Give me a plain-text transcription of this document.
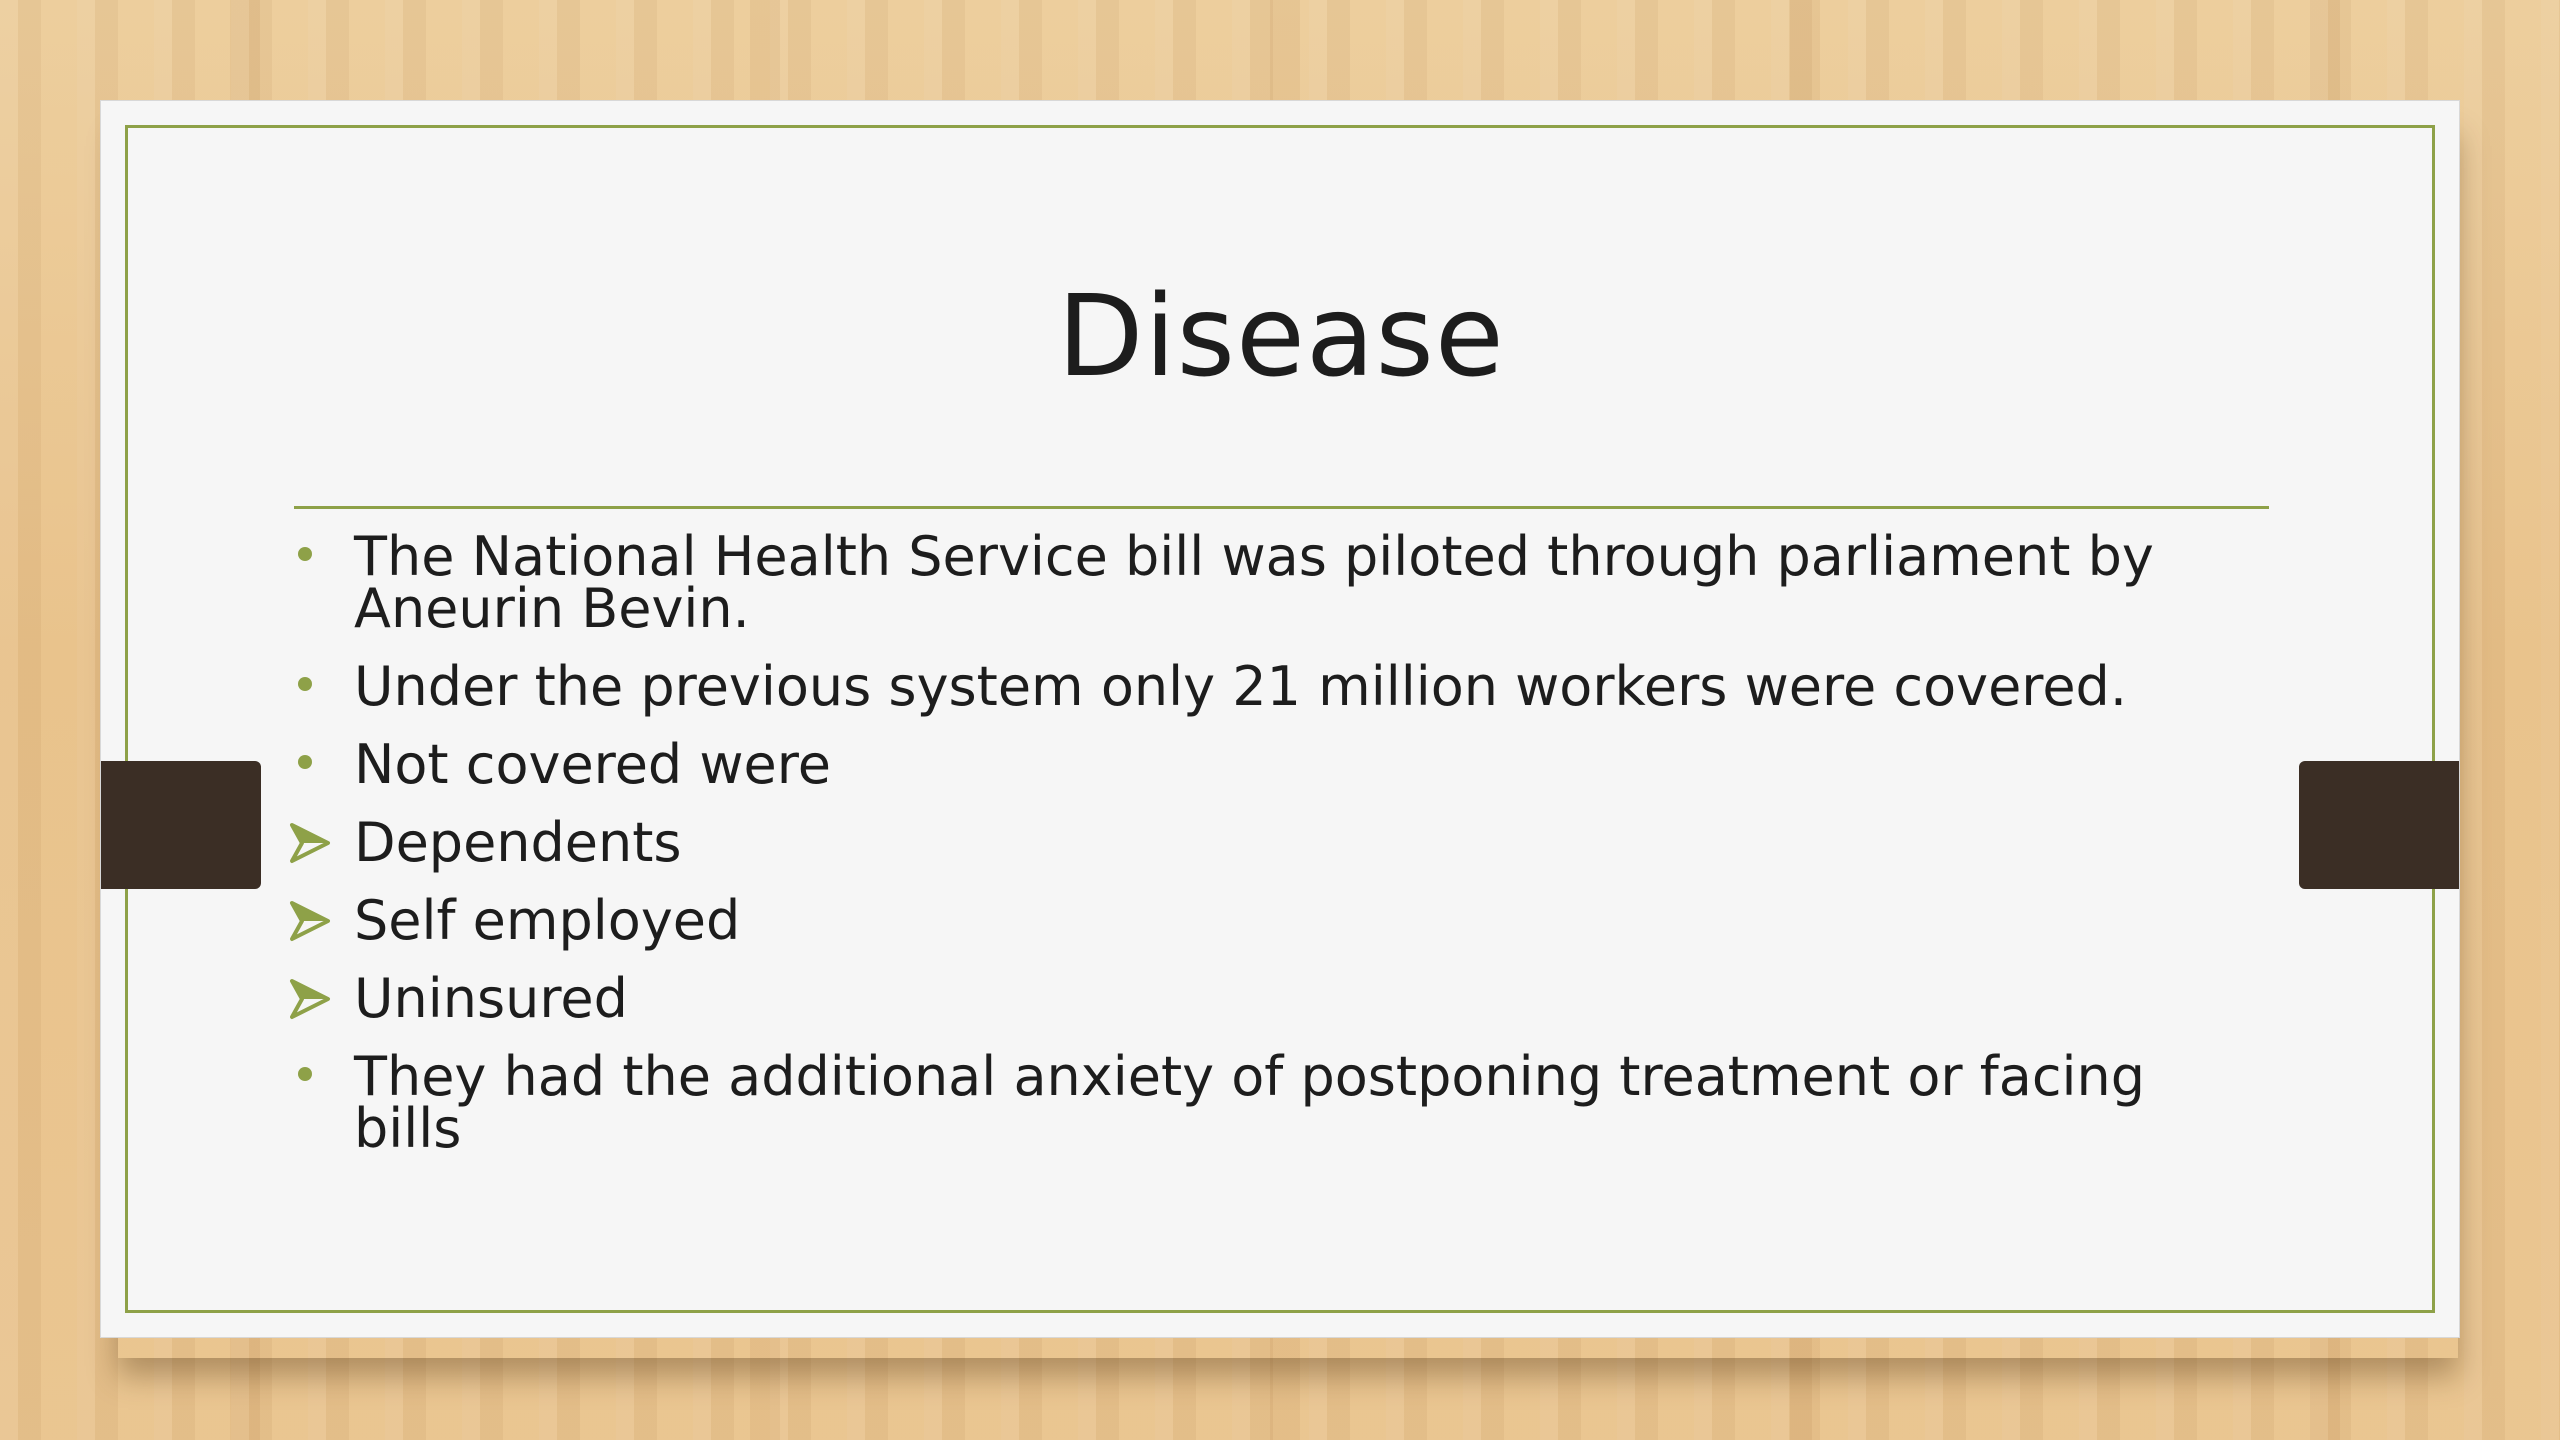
Disease
The National Health Service bill was piloted through parliament by Aneurin Bevin.
Under the previous system only 21 million workers were covered.
Not covered were
Dependents
Self employed
Uninsured
They had the additional anxiety of postponing treatment or facing bills
